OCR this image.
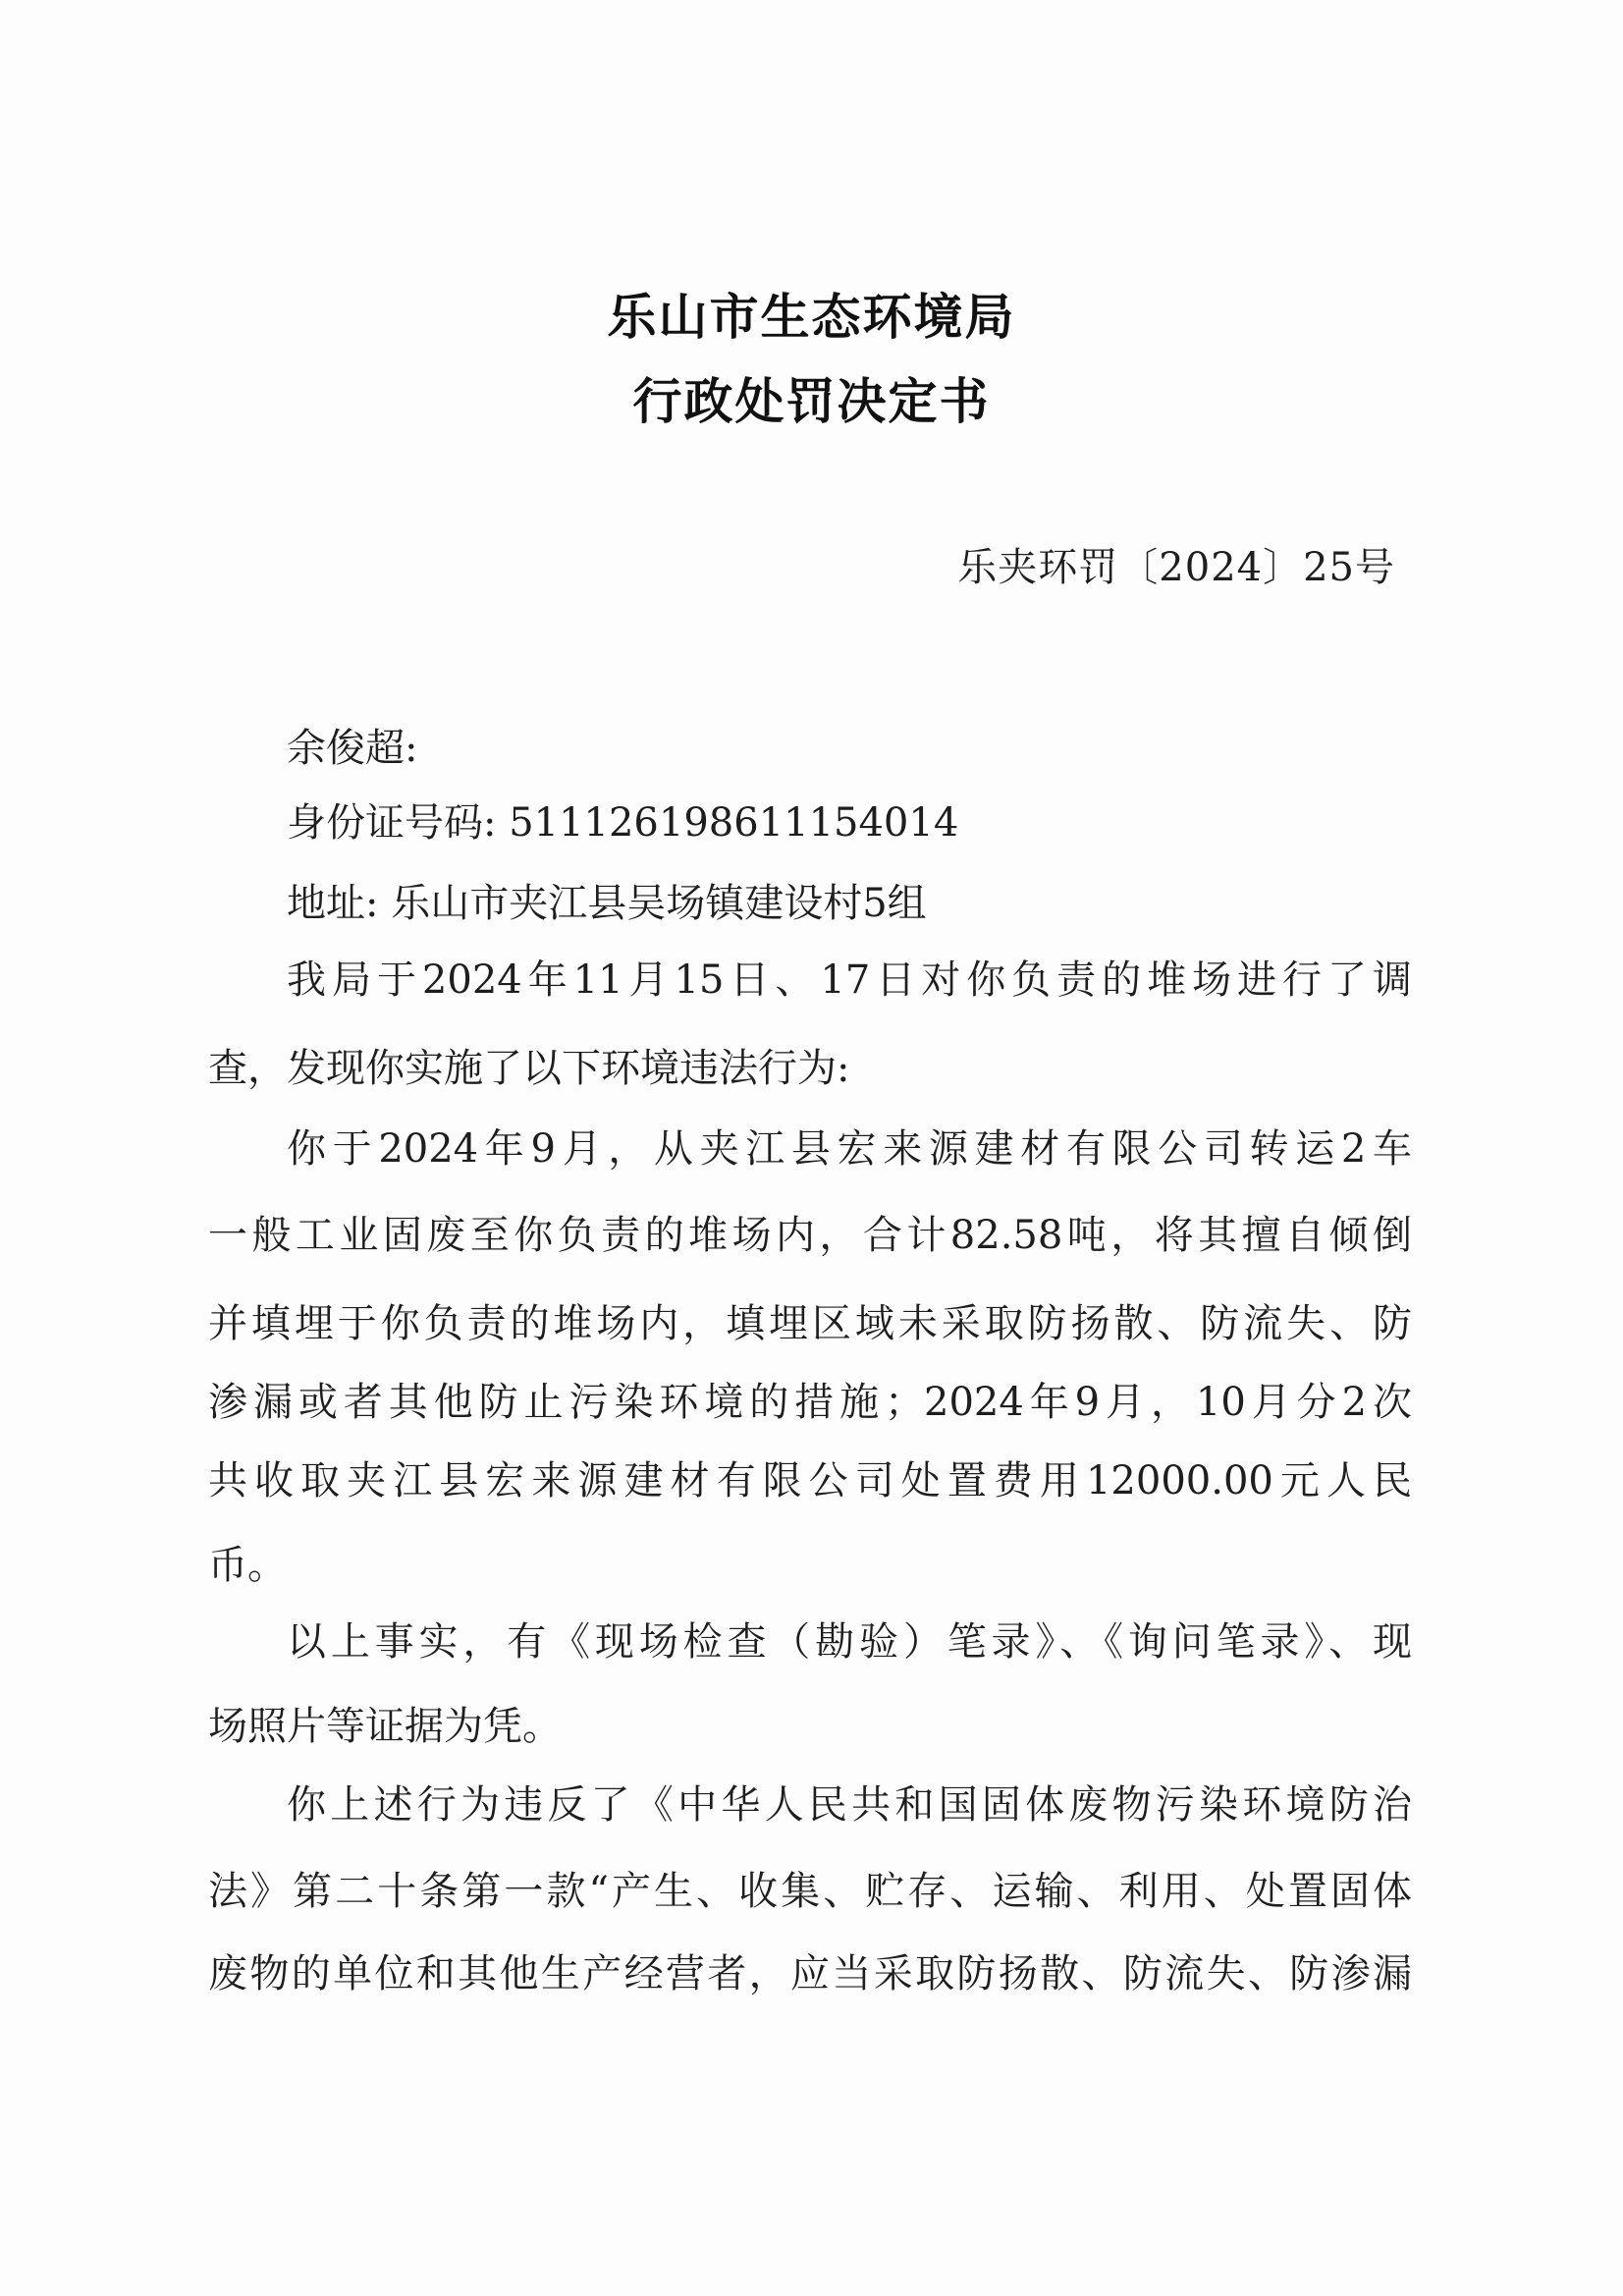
乐山市生态环境局
行政处罚决定书
乐夹环罚〔2024〕25号
余俊超:
身份证号码: 511126198611154014
地址: 乐山市夹江县吴场镇建设村5组
我局于2024年11月15日、17日对你负责的堆场进行了调
查，发现你实施了以下环境违法行为:
你于2024年9月，从夹江县宏来源建材有限公司转运2车
一般工业固废至你负责的堆场内，合计82.58吨，将其擅自倾倒
并填埋于你负责的堆场内，填埋区域未采取防扬散、防流失、防
渗漏或者其他防止污染环境的措施；2024年9月，10月分2次
共收取夹江县宏来源建材有限公司处置费用12000.00元人民
币。
以上事实，有《现场检查（勘验）笔录》、《询问笔录》、现
场照片等证据为凭。
你上述行为违反了《中华人民共和国固体废物污染环境防治
法》第二十条第一款“产生、收集、贮存、运输、利用、处置固体
废物的单位和其他生产经营者，应当采取防扬散、防流失、防渗漏
